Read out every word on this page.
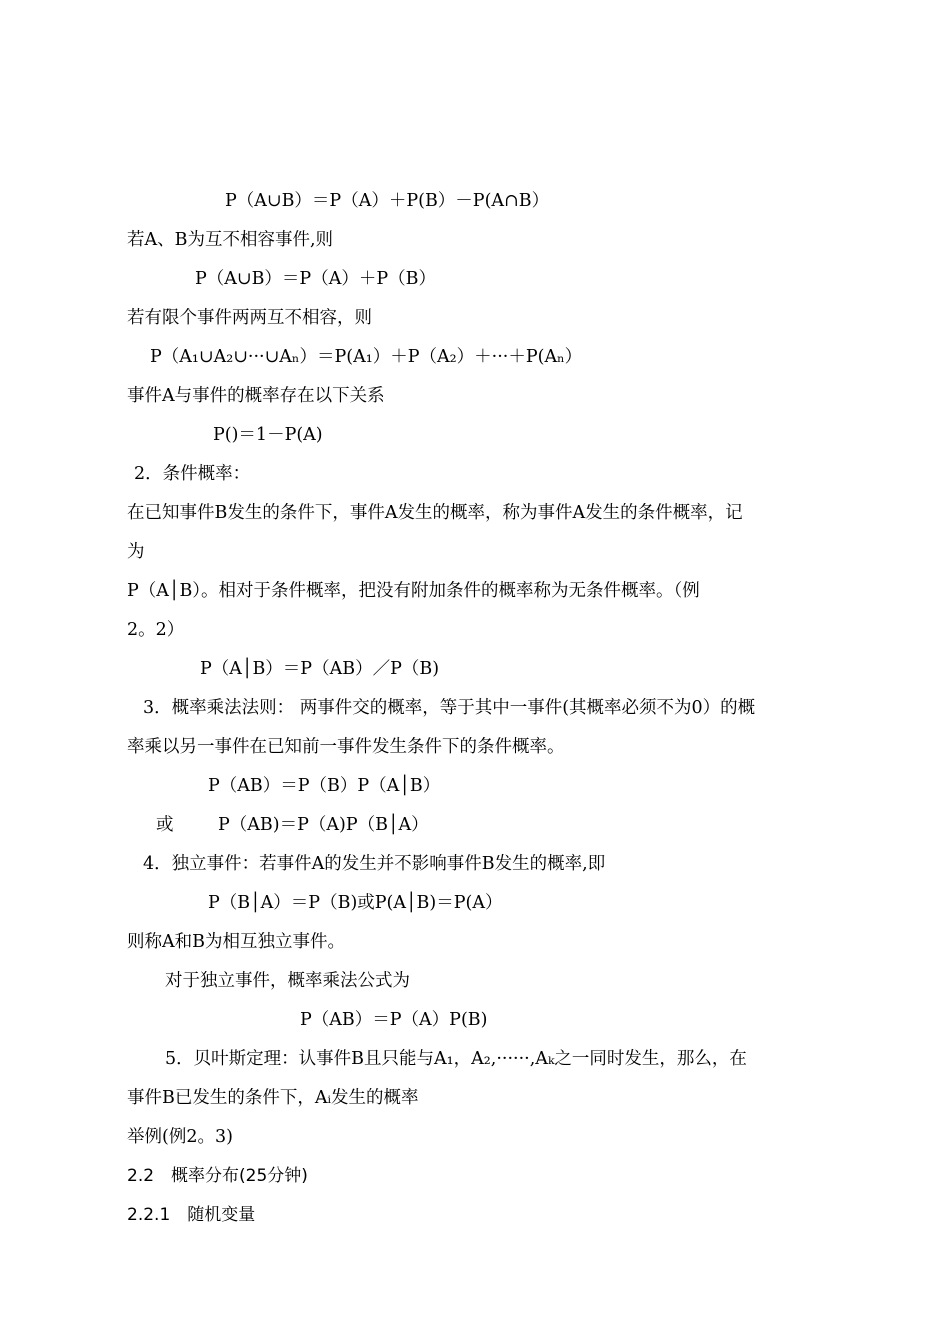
P（A∪B）＝P（A）＋P(B）－P(A∩B）
若A、B为互不相容事件,则
P（A∪B）＝P（A）＋P（B）
若有限个事件两两互不相容，则
P（A₁∪A₂∪···∪Aₙ）＝P(A₁）＋P（A₂）＋···＋P(Aₙ）
事件A与事件的概率存在以下关系
P()＝1－P(A)
2．条件概率：
在已知事件B发生的条件下，事件A发生的概率，称为事件A发生的条件概率，记
为
P（A│B）。相对于条件概率，把没有附加条件的概率称为无条件概率。（例
2。2）
P（A│B）＝P（AB）／P（B)
3．概率乘法法则： 两事件交的概率，等于其中一事件(其概率必须不为0）的概
率乘以另一事件在已知前一事件发生条件下的条件概率。
P（AB）＝P（B）P（A│B）
或	P（AB)＝P（A)P（B│A）
4．独立事件：若事件A的发生并不影响事件B发生的概率,即
P（B│A）＝P（B)或P(A│B)＝P(A）
则称A和B为相互独立事件。
对于独立事件，概率乘法公式为
P（AB）＝P（A）P(B)
5．贝叶斯定理：认事件B且只能与A₁，A₂,······,Aₖ之一同时发生，那么，在
事件B已发生的条件下，Aᵢ发生的概率
举例(例2。3)
2.2　概率分布(25分钟)
2.2.1　随机变量
